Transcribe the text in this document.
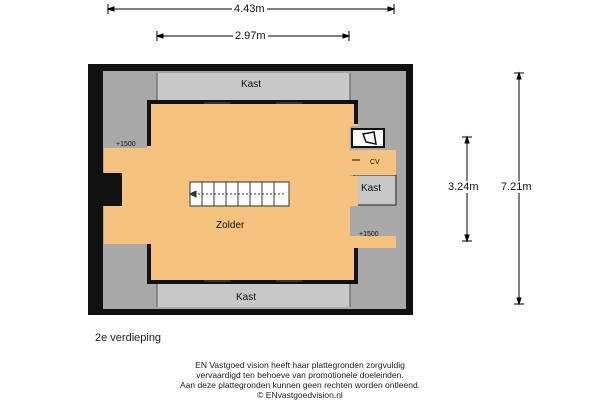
4.43m
2.97m
3.24m 7.21m
Kast
Kast
Kast
CV
Zolder
+1500
+1500
2e verdieping
EN Vastgoed vision heeft haar plattegronden zorgvuldig
vervaardigd ten behoeve van promotionele doeleinden.
Aan deze plattegronden kunnen geen rechten worden ontleend.
© ENvastgoedvision.nl
